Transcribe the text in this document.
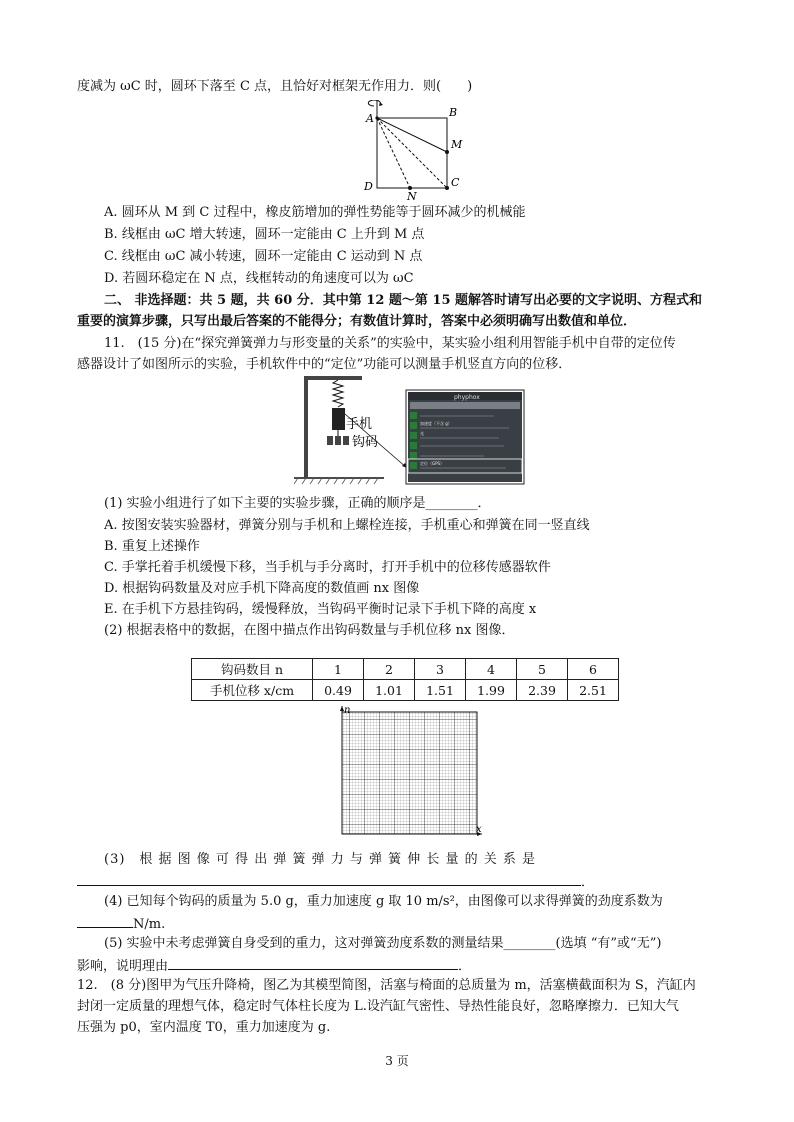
度减为 ωC 时，圆环下落至 C 点，且恰好对框架无作用力．则(　　)
A	B
M
C
D
N
A. 圆环从 M 到 C 过程中，橡皮筋增加的弹性势能等于圆环减少的机械能
B. 线框由 ωC 增大转速，圆环一定能由 C 上升到 M 点
C. 线框由 ωC 减小转速，圆环一定能由 C 运动到 N 点
D. 若圆环稳定在 N 点，线框转动的角速度可以为 ωC
二、 非选择题：共 5 题，共 60 分．其中第 12 题～第 15 题解答时请写出必要的文字说明、方程式和
重要的演算步骤，只写出最后答案的不能得分；有数值计算时，答案中必须明确写出数值和单位．
11.　(15 分)在“探究弹簧弹力与形变量的关系”的实验中，某实验小组利用智能手机中自带的定位传
感器设计了如图所示的实验，手机软件中的“定位”功能可以测量手机竖直方向的位移．
手机
钩码
phyphox
加速度（不含 g）
光
定位（GPS）
(1) 实验小组进行了如下主要的实验步骤，正确的顺序是________．
A. 按图安装实验器材，弹簧分别与手机和上螺栓连接，手机重心和弹簧在同一竖直线
B. 重复上述操作
C. 手掌托着手机缓慢下移，当手机与手分离时，打开手机中的位移传感器软件
D. 根据钩码数量及对应手机下降高度的数值画 nx 图像
E. 在手机下方悬挂钩码，缓慢释放，当钩码平衡时记录下手机下降的高度 x
(2) 根据表格中的数据，在图中描点作出钩码数量与手机位移 nx 图像．
钩码数目 n	1	2	3	4	5	6
手机位移 x/cm	0.49	1.01	1.51	1.99	2.39	2.51
n
x
(3)　根 据 图 像 可 得 出 弹 簧 弹 力 与 弹 簧 伸 长 量 的 关 系 是
．
(4) 已知每个钩码的质量为 5.0 g，重力加速度 g 取 10 m/s²，由图像可以求得弹簧的劲度系数为
N/m.
(5) 实验中未考虑弹簧自身受到的重力，这对弹簧劲度系数的测量结果________(选填 “有”或“无”)
影响，说明理由	．
12.　(8 分)图甲为气压升降椅，图乙为其模型简图，活塞与椅面的总质量为 m，活塞横截面积为 S，汽缸内
封闭一定质量的理想气体，稳定时气体柱长度为 L.设汽缸气密性、导热性能良好，忽略摩擦力．已知大气
压强为 p0，室内温度 T0，重力加速度为 g.
3 页
